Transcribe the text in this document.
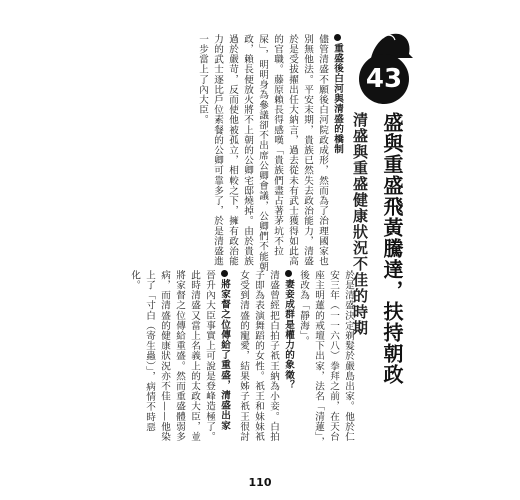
43
盛與重盛飛黃騰達，扶持朝政
清盛與重盛健康狀況不佳的時期

於是清盛決定剃髮於嚴島出家。他於仁安三年（一一六八）拳拜之前，在天台座主明蓮的戒壇下出家，法名「清蓮」，後改為「靜海」。

妻妾成群是權力的象徵？

清盛曾經把白拍子祇王納為小妾。白拍子即為表演舞蹈的女性。祇王和妹妹祇女受到清盛的寵愛，結果姊子祇王很討

重盛後白河與清盛的橋制

儘管清盛不願後白河院政成形，然而為了治理國家也別無他法。平安末期，貴族已然失去政治能力，清盛於是受拔擢出任大納言，過去從未有武士獲得如此高的官職。藤原賴長得感嘆「貴族們盡占著茅坑不拉屎」，明明身為參議卻不出席公卿會議，公卿們不能朝政，賴長便放火將不上朝的公卿宅邸燒掉。由於貴族過於嚴苛，反而使他被孤立，相較之下，擁有政治能力的武士逐比戶位素餐的公卿可靠多了，於是清盛進一步當上了內大臣。

將家督之位傳給了重盛，清盛出家

晉升內大臣事實上可說是登峰造極了。此時清盛又當上名義上的太政大臣，並將家督之位傳給重盛。然而重盛體弱多病，而清盛的健康狀況亦不佳——他染上了「寸白（寄生蟲）」，病情不時惡化。

110
